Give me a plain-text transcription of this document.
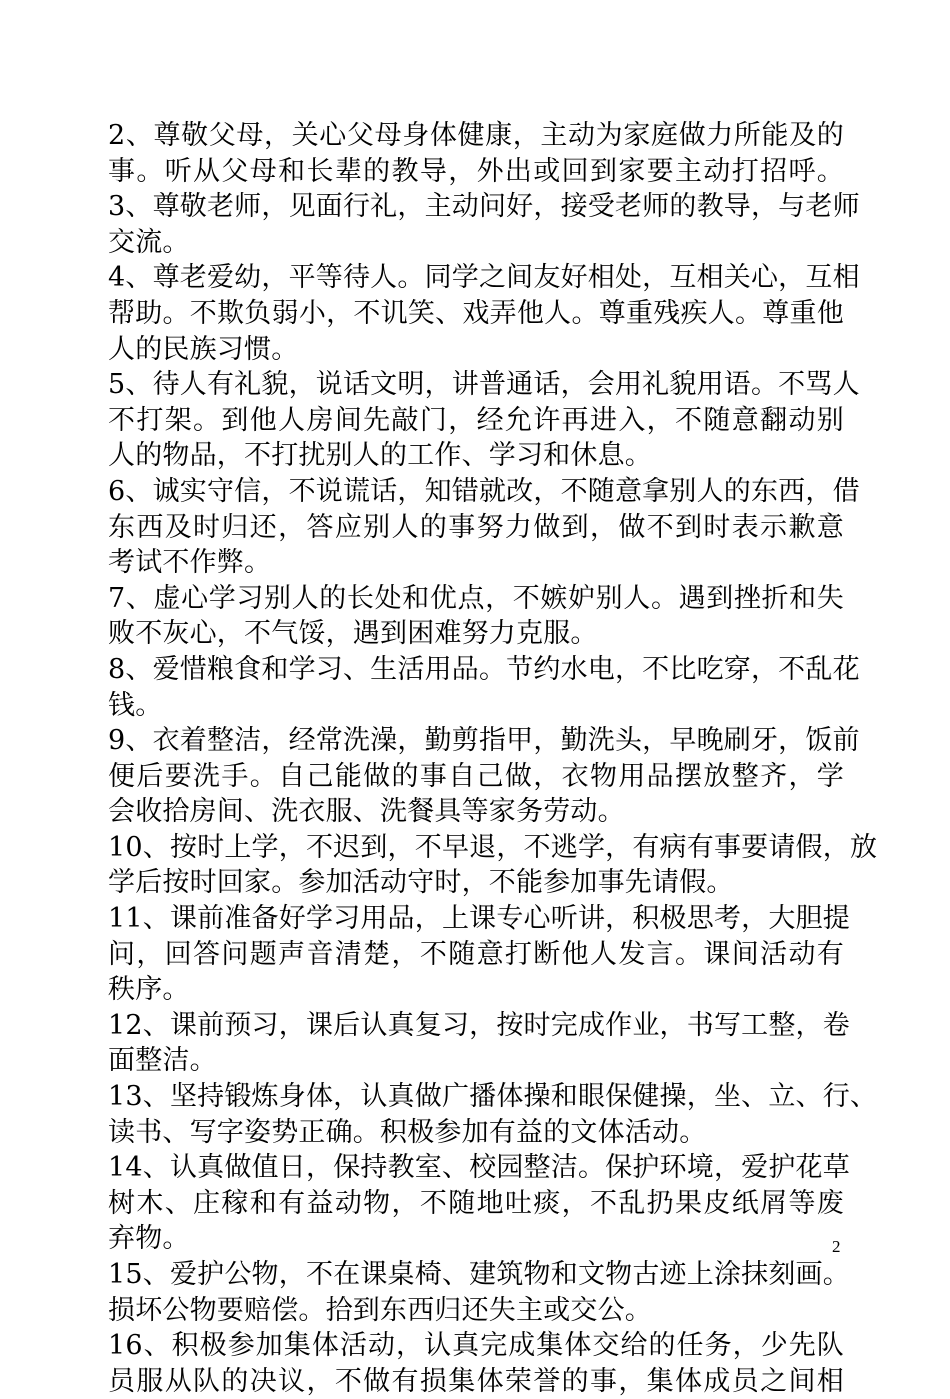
2、尊敬父母，关心父母身体健康，主动为家庭做力所能及的
事。听从父母和长辈的教导，外出或回到家要主动打招呼。
3、尊敬老师，见面行礼，主动问好，接受老师的教导，与老师
交流。
4、尊老爱幼，平等待人。同学之间友好相处，互相关心，互相
帮助。不欺负弱小，不讥笑、戏弄他人。尊重残疾人。尊重他
人的民族习惯。
5、待人有礼貌，说话文明，讲普通话，会用礼貌用语。不骂人
不打架。到他人房间先敲门，经允许再进入，不随意翻动别
人的物品，不打扰别人的工作、学习和休息。
6、诚实守信，不说谎话，知错就改，不随意拿别人的东西，借
东西及时归还，答应别人的事努力做到，做不到时表示歉意
考试不作弊。
7、虚心学习别人的长处和优点，不嫉妒别人。遇到挫折和失
败不灰心，不气馁，遇到困难努力克服。
8、爱惜粮食和学习、生活用品。节约水电，不比吃穿，不乱花
钱。
9、衣着整洁，经常洗澡，勤剪指甲，勤洗头，早晚刷牙，饭前
便后要洗手。自己能做的事自己做，衣物用品摆放整齐，学
会收拾房间、洗衣服、洗餐具等家务劳动。
10、按时上学，不迟到，不早退，不逃学，有病有事要请假，放
学后按时回家。参加活动守时，不能参加事先请假。
11、课前准备好学习用品，上课专心听讲，积极思考，大胆提
问，回答问题声音清楚，不随意打断他人发言。课间活动有
秩序。
12、课前预习，课后认真复习，按时完成作业，书写工整，卷
面整洁。
13、坚持锻炼身体，认真做广播体操和眼保健操，坐、立、行、
读书、写字姿势正确。积极参加有益的文体活动。
14、认真做值日，保持教室、校园整洁。保护环境，爱护花草
树木、庄稼和有益动物，不随地吐痰，不乱扔果皮纸屑等废
弃物。
15、爱护公物，不在课桌椅、建筑物和文物古迹上涂抹刻画。
损坏公物要赔偿。拾到东西归还失主或交公。
16、积极参加集体活动，认真完成集体交给的任务，少先队
员服从队的决议，不做有损集体荣誉的事，集体成员之间相
2
